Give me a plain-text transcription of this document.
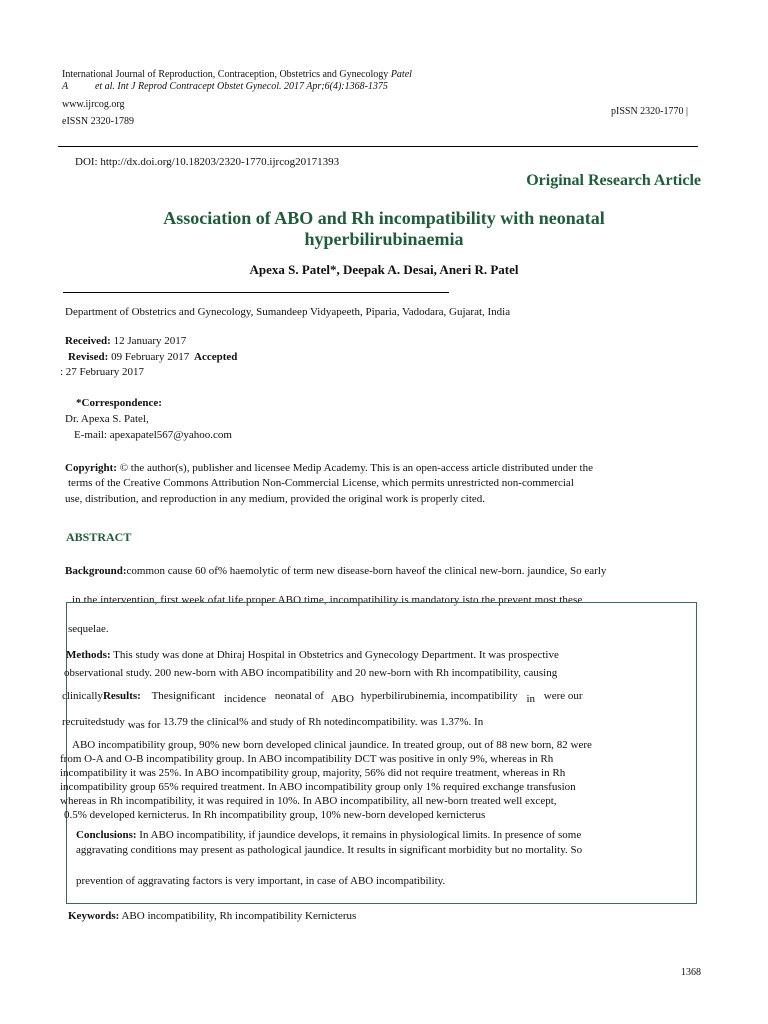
International Journal of Reproduction, Contraception, Obstetrics and Gynecology Patel
A	et al. Int J Reprod Contracept Obstet Gynecol. 2017 Apr;6(4):1368-1375
www.ijrcog.org
eISSN 2320-1789
pISSN 2320-1770 |
DOI: http://dx.doi.org/10.18203/2320-1770.ijrcog20171393
Original Research Article
Association of ABO and Rh incompatibility with neonatal
hyperbilirubinaemia
Apexa S. Patel*, Deepak A. Desai, Aneri R. Patel
Department of Obstetrics and Gynecology, Sumandeep Vidyapeeth, Piparia, Vadodara, Gujarat, India
Received: 12 January 2017
Revised: 09 February 2017 Accepted
: 27 February 2017
*Correspondence:
Dr. Apexa S. Patel,
E-mail: apexapatel567@yahoo.com
Copyright: © the author(s), publisher and licensee Medip Academy. This is an open-access article distributed under the
terms of the Creative Commons Attribution Non-Commercial License, which permits unrestricted non-commercial
use, distribution, and reproduction in any medium, provided the original work is properly cited.
ABSTRACT
Background:common cause 60 of% haemolytic of term new disease-born haveof the clinical new-born. jaundice, So early
in the intervention, first week ofat life.proper ABO time, incompatibility is mandatory isto the prevent most these
sequelae.
Methods: This study was done at Dhiraj Hospital in Obstetrics and Gynecology Department. It was prospective
observational study. 200 new-born with ABO incompatibility and 20 new-born with Rh incompatibility, causing
clinicallyResults: Thesignificant incidence neonatal of ABO hyperbilirubinemia, incompatibility in were our
recruitedstudy was for 13.79 the clinical% and study of Rh notedincompatibility. was 1.37%. In
ABO incompatibility group, 90% new born developed clinical jaundice. In treated group, out of 88 new born, 82 were
from O-A and O-B incompatibility group. In ABO incompatibility DCT was positive in only 9%, whereas in Rh
incompatibility it was 25%. In ABO incompatibility group, majority, 56% did not require treatment, whereas in Rh
incompatibility group 65% required treatment. In ABO incompatibility group only 1% required exchange transfusion
whereas in Rh incompatibility, it was required in 10%. In ABO incompatibility, all new-born treated well except,
0.5% developed kernicterus. In Rh incompatibility group, 10% new-born developed kernicterus
Conclusions: In ABO incompatibility, if jaundice develops, it remains in physiological limits. In presence of some
aggravating conditions may present as pathological jaundice. It results in significant morbidity but no mortality. So
prevention of aggravating factors is very important, in case of ABO incompatibility.
Keywords: ABO incompatibility, Rh incompatibility Kernicterus
1368
